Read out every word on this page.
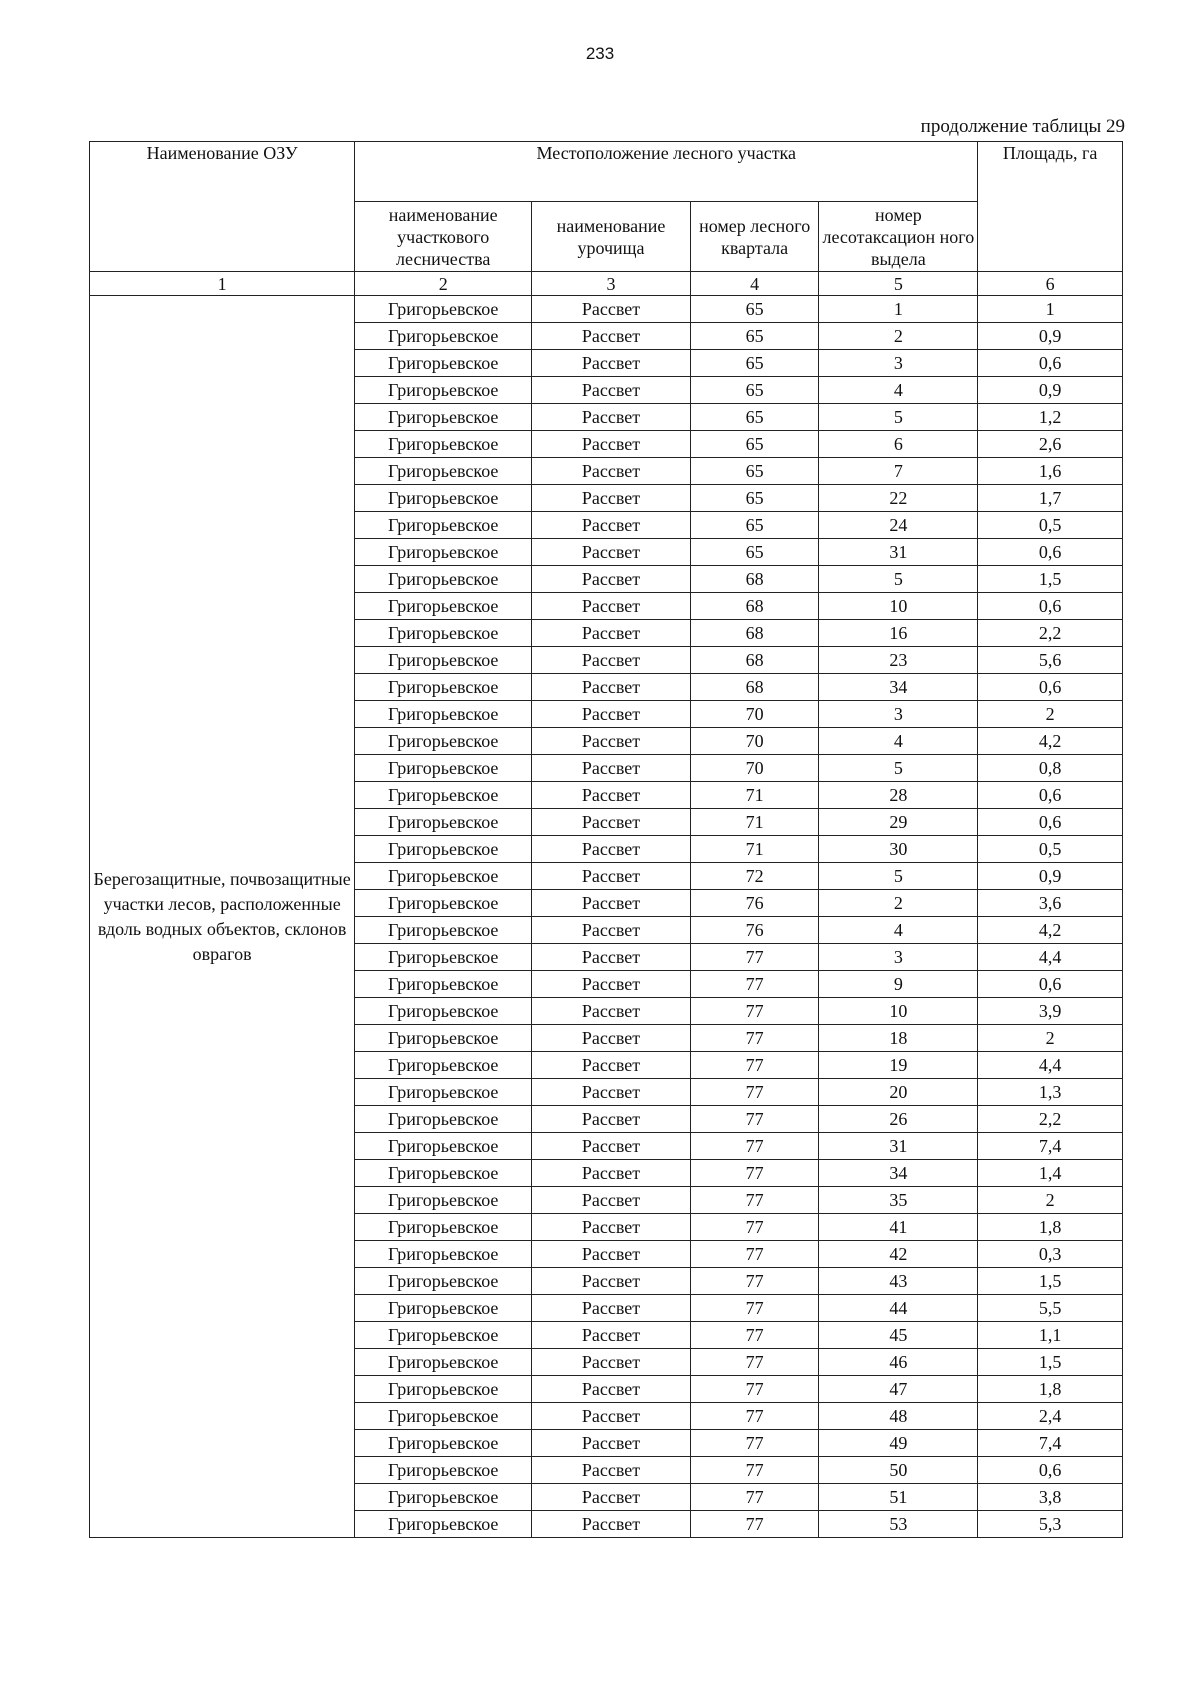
233
продолжение таблицы 29
Наименование ОЗУ	Местоположение лесного участка				Площадь, га
	наименование участкового лесничества	наименование урочища	номер лесного квартала	номер лесотаксацион ного выдела	
1	2	3	4	5	6
Берегозащитные, почвозащитные участки лесов, расположенные вдоль водных объектов, склонов оврагов	Григорьевское	Рассвет	65	1	1
	Григорьевское	Рассвет	65	2	0,9
	Григорьевское	Рассвет	65	3	0,6
	Григорьевское	Рассвет	65	4	0,9
	Григорьевское	Рассвет	65	5	1,2
	Григорьевское	Рассвет	65	6	2,6
	Григорьевское	Рассвет	65	7	1,6
	Григорьевское	Рассвет	65	22	1,7
	Григорьевское	Рассвет	65	24	0,5
	Григорьевское	Рассвет	65	31	0,6
	Григорьевское	Рассвет	68	5	1,5
	Григорьевское	Рассвет	68	10	0,6
	Григорьевское	Рассвет	68	16	2,2
	Григорьевское	Рассвет	68	23	5,6
	Григорьевское	Рассвет	68	34	0,6
	Григорьевское	Рассвет	70	3	2
	Григорьевское	Рассвет	70	4	4,2
	Григорьевское	Рассвет	70	5	0,8
	Григорьевское	Рассвет	71	28	0,6
	Григорьевское	Рассвет	71	29	0,6
	Григорьевское	Рассвет	71	30	0,5
	Григорьевское	Рассвет	72	5	0,9
	Григорьевское	Рассвет	76	2	3,6
	Григорьевское	Рассвет	76	4	4,2
	Григорьевское	Рассвет	77	3	4,4
	Григорьевское	Рассвет	77	9	0,6
	Григорьевское	Рассвет	77	10	3,9
	Григорьевское	Рассвет	77	18	2
	Григорьевское	Рассвет	77	19	4,4
	Григорьевское	Рассвет	77	20	1,3
	Григорьевское	Рассвет	77	26	2,2
	Григорьевское	Рассвет	77	31	7,4
	Григорьевское	Рассвет	77	34	1,4
	Григорьевское	Рассвет	77	35	2
	Григорьевское	Рассвет	77	41	1,8
	Григорьевское	Рассвет	77	42	0,3
	Григорьевское	Рассвет	77	43	1,5
	Григорьевское	Рассвет	77	44	5,5
	Григорьевское	Рассвет	77	45	1,1
	Григорьевское	Рассвет	77	46	1,5
	Григорьевское	Рассвет	77	47	1,8
	Григорьевское	Рассвет	77	48	2,4
	Григорьевское	Рассвет	77	49	7,4
	Григорьевское	Рассвет	77	50	0,6
	Григорьевское	Рассвет	77	51	3,8
	Григорьевское	Рассвет	77	53	5,3
